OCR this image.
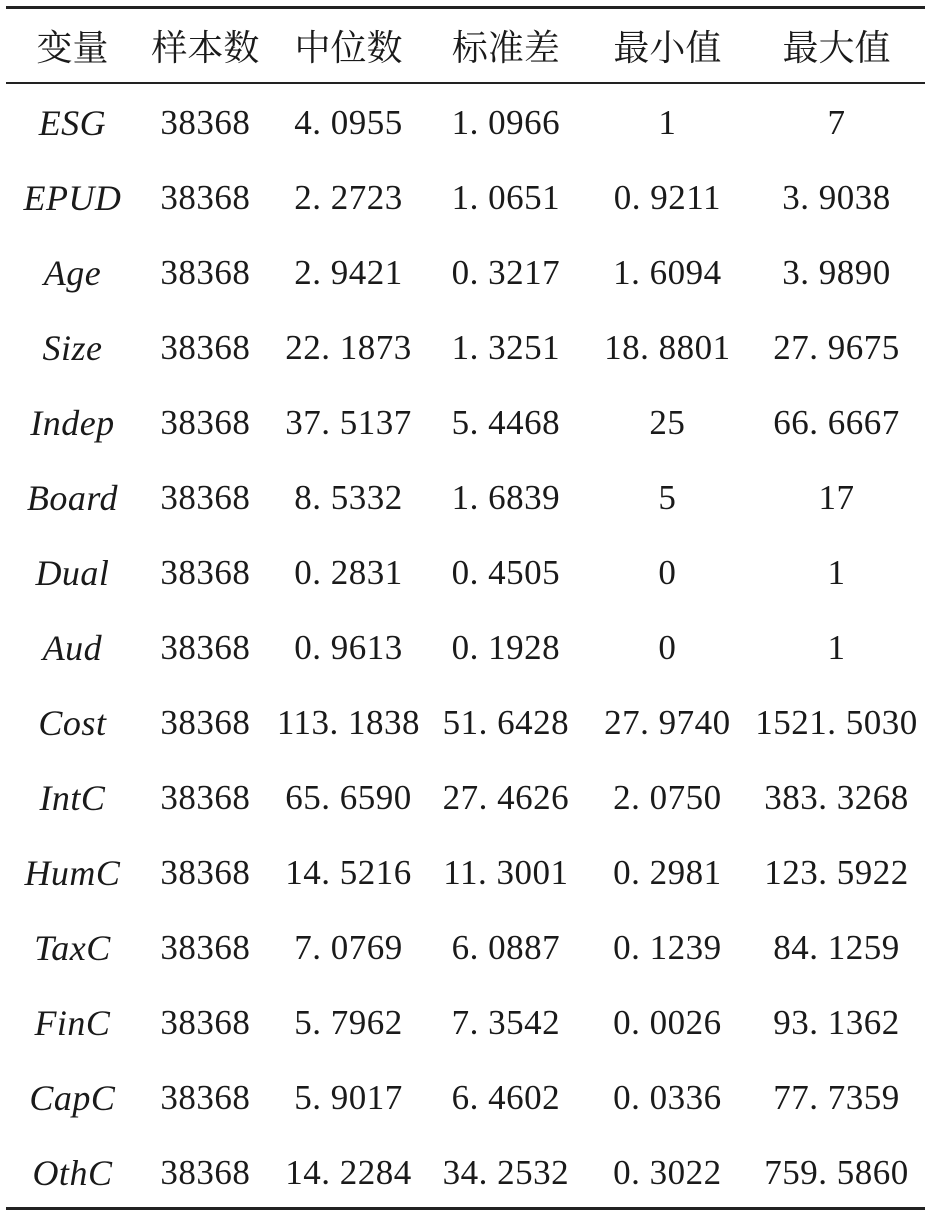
变量	样本数	中位数	标准差	最小值	最大值

ESG	38368	4. 0955	1. 0966	1	7
EPUD	38368	2. 2723	1. 0651	0. 9211	3. 9038
Age	38368	2. 9421	0. 3217	1. 6094	3. 9890
Size	38368	22. 1873	1. 3251	18. 8801	27. 9675
Indep	38368	37. 5137	5. 4468	25	66. 6667
Board	38368	8. 5332	1. 6839	5	17
Dual	38368	0. 2831	0. 4505	0	1
Aud	38368	0. 9613	0. 1928	0	1
Cost	38368	113. 1838	51. 6428	27. 9740	1521. 5030
IntC	38368	65. 6590	27. 4626	2. 0750	383. 3268
HumC	38368	14. 5216	11. 3001	0. 2981	123. 5922
TaxC	38368	7. 0769	6. 0887	0. 1239	84. 1259
FinC	38368	5. 7962	7. 3542	0. 0026	93. 1362
CapC	38368	5. 9017	6. 4602	0. 0336	77. 7359
OthC	38368	14. 2284	34. 2532	0. 3022	759. 5860
